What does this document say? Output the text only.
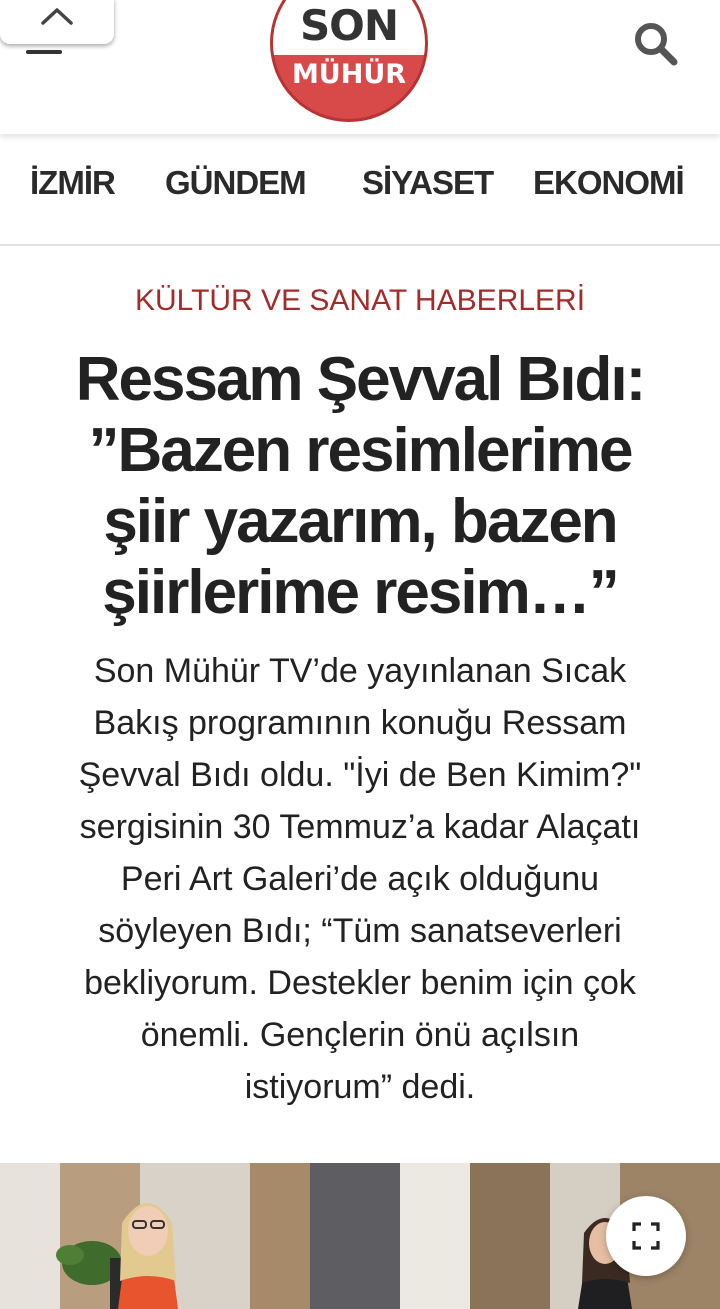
SON
MÜHÜR
İZMİR GÜNDEM SİYASET EKONOMİ
KÜLTÜR VE SANAT HABERLERİ
Ressam Şevval Bıdı:
”Bazen resimlerime
şiir yazarım, bazen
şiirlerime resim…”
Son Mühür TV’de yayınlanan Sıcak
Bakış programının konuğu Ressam
Şevval Bıdı oldu. "İyi de Ben Kimim?"
sergisinin 30 Temmuz’a kadar Alaçatı
Peri Art Galeri’de açık olduğunu
söyleyen Bıdı; “Tüm sanatseverleri
bekliyorum. Destekler benim için çok
önemli. Gençlerin önü açılsın
istiyorum” dedi.
